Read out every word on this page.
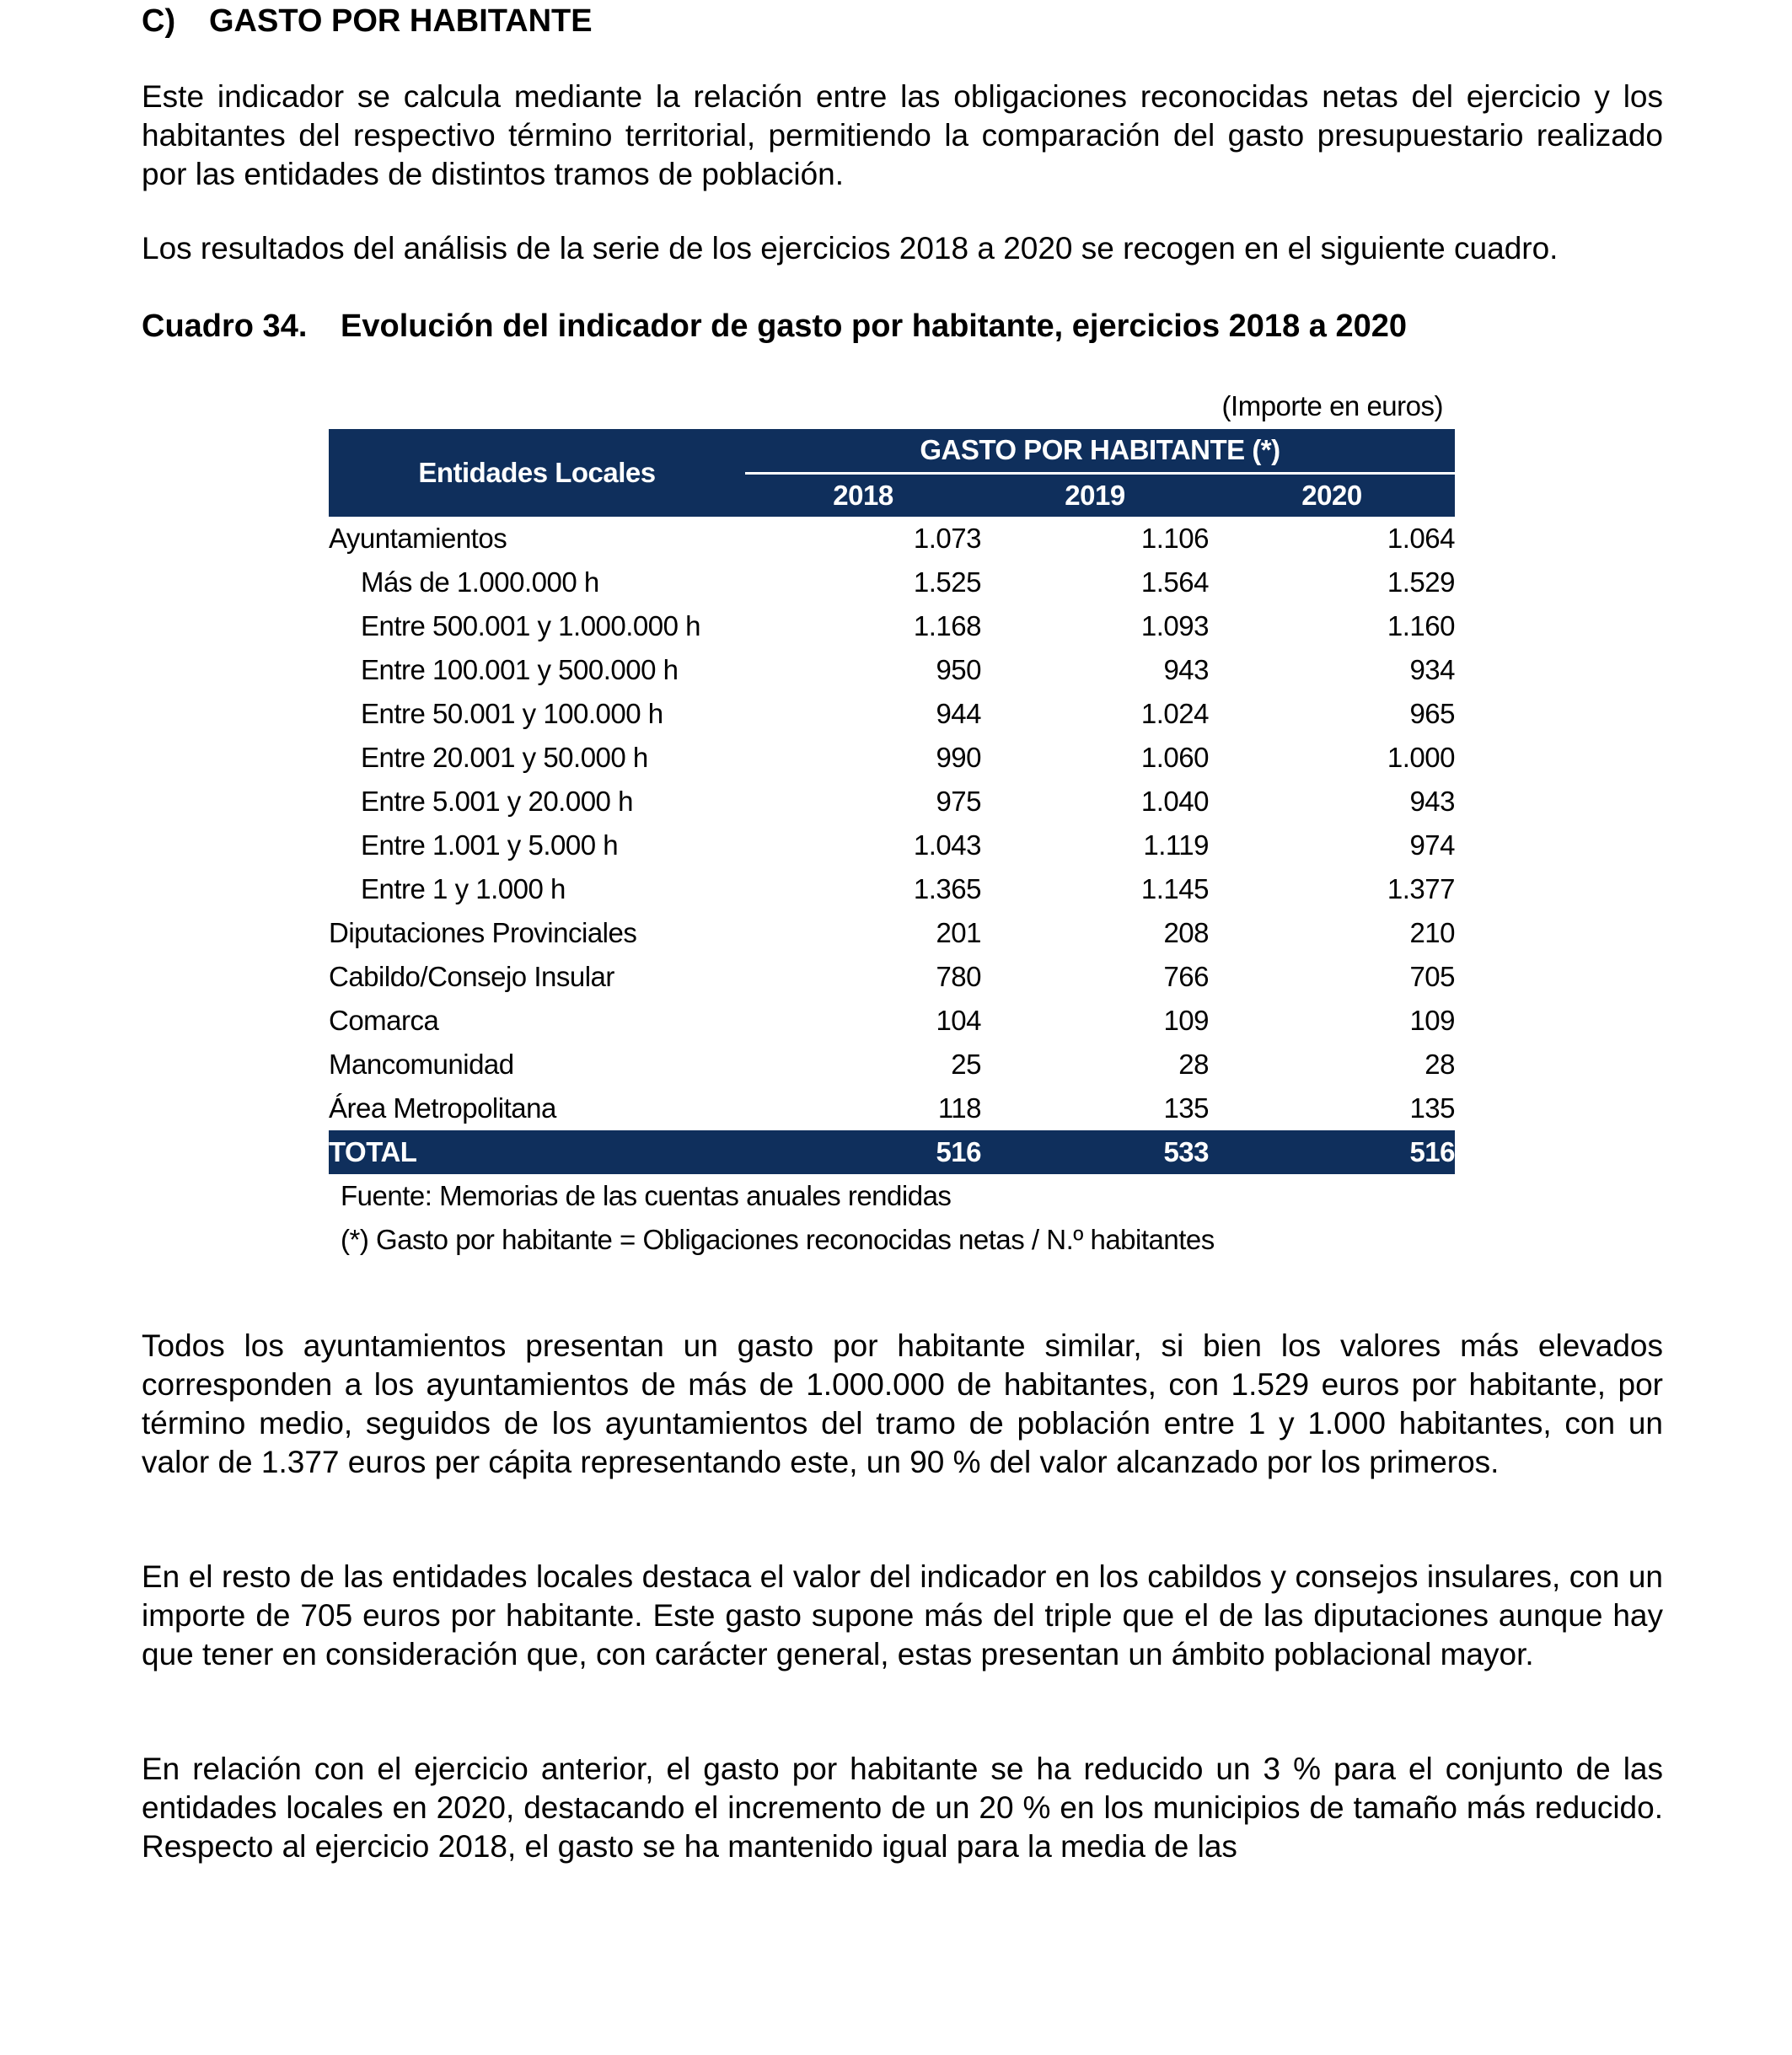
C) GASTO POR HABITANTE
Este indicador se calcula mediante la relación entre las obligaciones reconocidas netas del ejercicio y los habitantes del respectivo término territorial, permitiendo la comparación del gasto presupuestario realizado por las entidades de distintos tramos de población.
Los resultados del análisis de la serie de los ejercicios 2018 a 2020 se recogen en el siguiente cuadro.
Cuadro 34. Evolución del indicador de gasto por habitante, ejercicios 2018 a 2020
(Importe en euros)
Entidades Locales	GASTO POR HABITANTE (*)		
	2018	2019	2020
Ayuntamientos	1.073	1.106	1.064
Más de 1.000.000 h	1.525	1.564	1.529
Entre 500.001 y 1.000.000 h	1.168	1.093	1.160
Entre 100.001 y 500.000 h	950	943	934
Entre 50.001 y 100.000 h	944	1.024	965
Entre 20.001 y 50.000 h	990	1.060	1.000
Entre 5.001 y 20.000 h	975	1.040	943
Entre 1.001 y 5.000 h	1.043	1.119	974
Entre 1 y 1.000 h	1.365	1.145	1.377
Diputaciones Provinciales	201	208	210
Cabildo/Consejo Insular	780	766	705
Comarca	104	109	109
Mancomunidad	25	28	28
Área Metropolitana	118	135	135
TOTAL	516	533	516
Fuente: Memorias de las cuentas anuales rendidas
(*) Gasto por habitante = Obligaciones reconocidas netas / N.º habitantes
Todos los ayuntamientos presentan un gasto por habitante similar, si bien los valores más elevados corresponden a los ayuntamientos de más de 1.000.000 de habitantes, con 1.529 euros por habitante, por término medio, seguidos de los ayuntamientos del tramo de población entre 1 y 1.000 habitantes, con un valor de 1.377 euros per cápita representando este, un 90 % del valor alcanzado por los primeros.
En el resto de las entidades locales destaca el valor del indicador en los cabildos y consejos insulares, con un importe de 705 euros por habitante. Este gasto supone más del triple que el de las diputaciones aunque hay que tener en consideración que, con carácter general, estas presentan un ámbito poblacional mayor.
En relación con el ejercicio anterior, el gasto por habitante se ha reducido un 3 % para el conjunto de las entidades locales en 2020, destacando el incremento de un 20 % en los municipios de tamaño más reducido. Respecto al ejercicio 2018, el gasto se ha mantenido igual para la media de las
